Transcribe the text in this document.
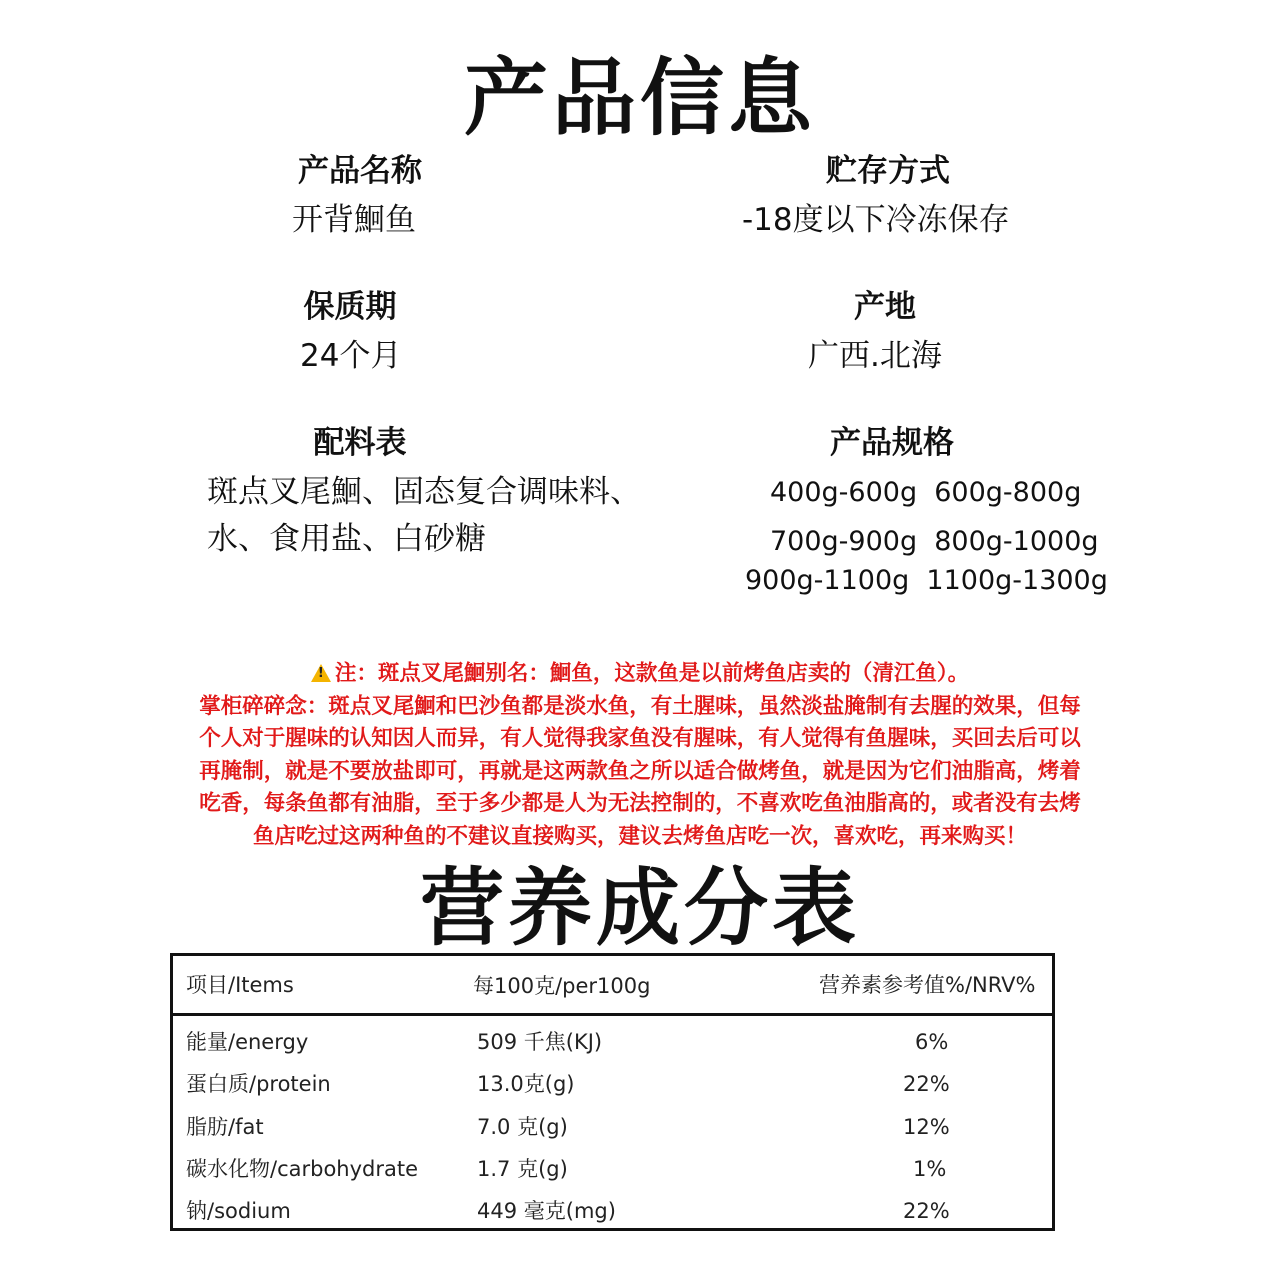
产品信息
产品名称
开背鮰鱼
贮存方式
-18度以下冷冻保存
保质期
24个月
产地
广西.北海
配料表
斑点叉尾鮰、固态复合调味料、
水、食用盐、白砂糖
产品规格
400g-600g  600g-800g
700g-900g  800g-1000g
900g-1100g  1100g-1300g
!注：斑点叉尾鮰别名：鮰鱼，这款鱼是以前烤鱼店卖的（清江鱼）。
掌柜碎碎念：斑点叉尾鮰和巴沙鱼都是淡水鱼，有土腥味，虽然淡盐腌制有去腥的效果，但每
个人对于腥味的认知因人而异，有人觉得我家鱼没有腥味，有人觉得有鱼腥味，买回去后可以
再腌制，就是不要放盐即可，再就是这两款鱼之所以适合做烤鱼，就是因为它们油脂高，烤着
吃香，每条鱼都有油脂，至于多少都是人为无法控制的，不喜欢吃鱼油脂高的，或者没有去烤
鱼店吃过这两种鱼的不建议直接购买，建议去烤鱼店吃一次，喜欢吃，再来购买！
营养成分表
项目/Items	每100克/per100g	营养素参考值%/NRV%
能量/energy	509 千焦(KJ)	6%
蛋白质/protein	13.0克(g)	22%
脂肪/fat	7.0 克(g)	12%
碳水化物/carbohydrate	1.7 克(g)	1%
钠/sodium	449 毫克(mg)	22%
